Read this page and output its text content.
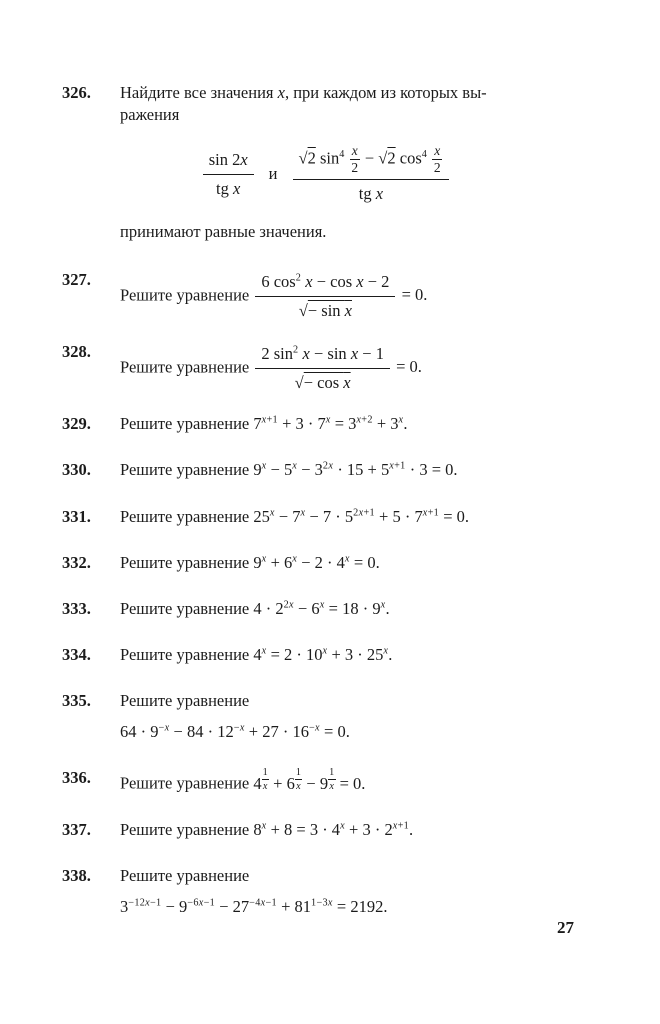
326.	Найдите все значения x, при каждом из которых вы-
ражения
$\frac{\sin 2x}{\text{tg x}}$ и $\frac{√2 \sin^4 \frac{x}{2} - √2 \cos^4 \frac{x}{2}}{\text{tg x}}$
принимают равные значения.
327.
Решите уравнение $\frac{6 \cos^2 x - \cos x - 2}{\text{√− sin x}} = 0$.
328.
Решите уравнение $\frac{2 \sin^2 x - \sin x - 1}{\text{√− cos x}} = 0$.
329.	Решите уравнение $7^{x+1} + 3 \cdot 7^x = 3^{x+2} + 3^x$.
330.	Решите уравнение $9^x - 5^x - 3^{2x} \cdot 15 + 5^{x+1} \cdot 3 = 0$.
331.	Решите уравнение $25^x - 7^x - 7 \cdot 5^{2x+1} + 5 \cdot 7^{x+1} = 0$.
332.	Решите уравнение $9^x + 6^x - 2 \cdot 4^x = 0$.
333.	Решите уравнение $4 \cdot 2^{2x} - 6^x = 18 \cdot 9^x$.
334.	Решите уравнение $4^x = 2 \cdot 10^x + 3 \cdot 25^x$.
335.	Решите уравнение
$64 \cdot 9^{-x} - 84 \cdot 12^{-x} + 27 \cdot 16^{-x} = 0$.
336.	Решите уравнение 4 $^{\frac{1}{x}}$ + 6 $^{\frac{1}{x}}$ − 9 $^{\frac{1}{x}}$ = 0.
337.	Решите уравнение $8^x + 8 = 3 \cdot 4^x + 3 \cdot 2^{x+1}$.
338.	Решите уравнение
$3^{-12x-1} - 9^{-6x-1} - 27^{-4x-1} + 81^{1-3x} = 2192$.
27
